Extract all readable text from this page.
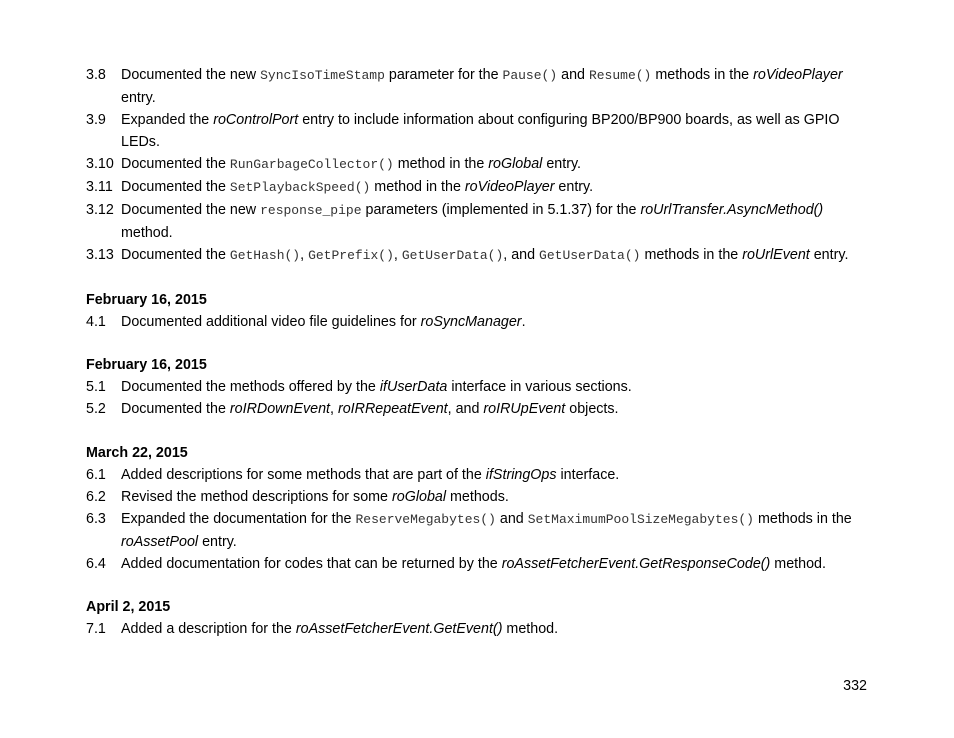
3.8 Documented the new SyncIsoTimeStamp parameter for the Pause() and Resume() methods in the roVideoPlayer entry.
3.9 Expanded the roControlPort entry to include information about configuring BP200/BP900 boards, as well as GPIO LEDs.
3.10 Documented the RunGarbageCollector() method in the roGlobal entry.
3.11 Documented the SetPlaybackSpeed() method in the roVideoPlayer entry.
3.12 Documented the new response_pipe parameters (implemented in 5.1.37) for the roUrlTransfer.AsyncMethod() method.
3.13 Documented the GetHash(), GetPrefix(), GetUserData(), and GetUserData() methods in the roUrlEvent entry.
February 16, 2015
4.1 Documented additional video file guidelines for roSyncManager.
February 16, 2015
5.1 Documented the methods offered by the ifUserData interface in various sections.
5.2 Documented the roIRDownEvent, roIRRepeatEvent, and roIRUpEvent objects.
March 22, 2015
6.1 Added descriptions for some methods that are part of the ifStringOps interface.
6.2 Revised the method descriptions for some roGlobal methods.
6.3 Expanded the documentation for the ReserveMegabytes() and SetMaximumPoolSizeMegabytes() methods in the roAssetPool entry.
6.4 Added documentation for codes that can be returned by the roAssetFetcherEvent.GetResponseCode() method.
April 2, 2015
7.1 Added a description for the roAssetFetcherEvent.GetEvent() method.
332
